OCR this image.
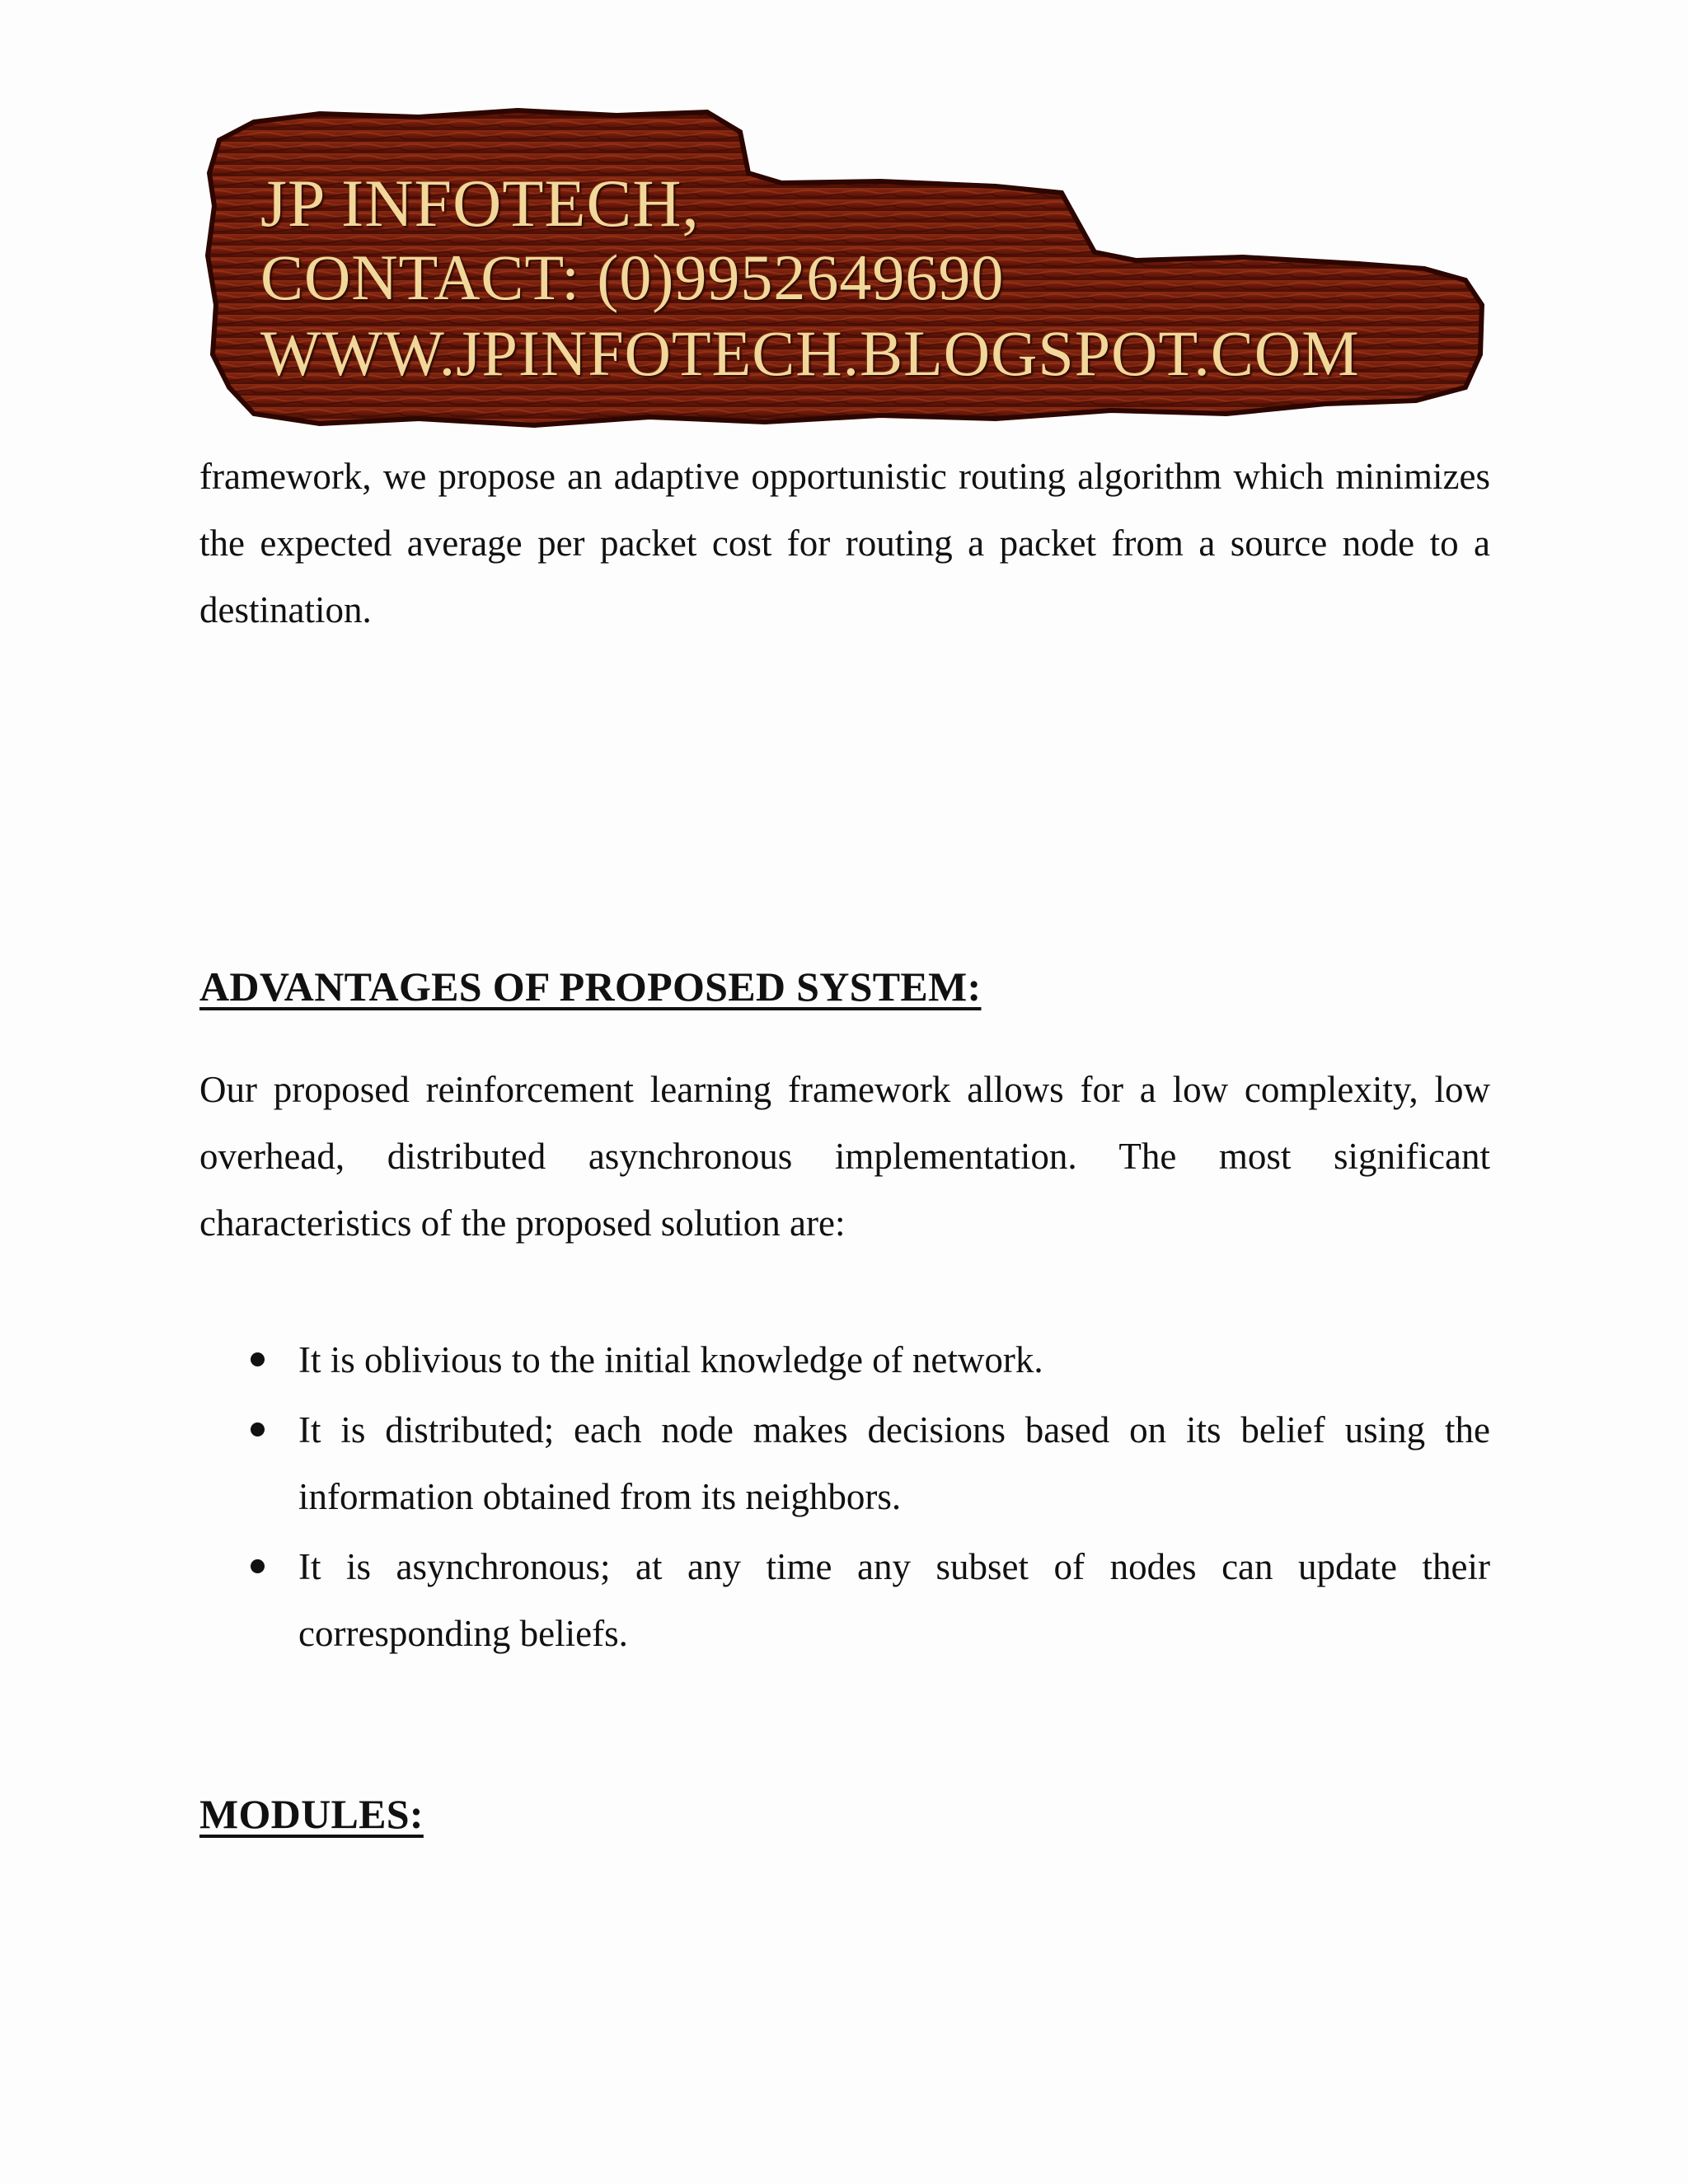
JP INFOTECH,

CONTACT: (0)9952649690

WWW.JPINFOTECH.BLOGSPOT.COM

framework, we propose an adaptive opportunistic routing algorithm which minimizes the expected average per packet cost for routing a packet from a source node to a destination.

ADVANTAGES OF PROPOSED SYSTEM:

Our proposed reinforcement learning framework allows for a low complexity, low overhead, distributed asynchronous implementation. The most significant characteristics of the proposed solution are:

It is oblivious to the initial knowledge of network.
It is distributed; each node makes decisions based on its belief using the information obtained from its neighbors.
It is asynchronous; at any time any subset of nodes can update their corresponding beliefs.
MODULES:
